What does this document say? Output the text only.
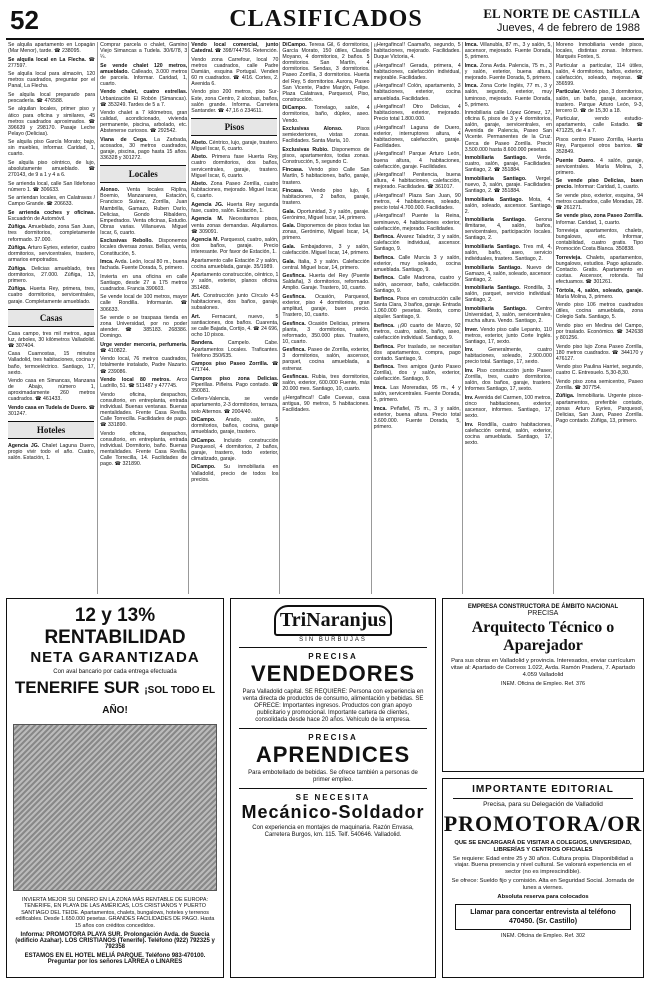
52	CLASIFICADOS	EL NORTE DE CASTILLA
Jueves, 4 de febrero de 1988

Se alquila apartamento en Lopagán (Mar Menor), tarde. ☎ 238095.

Se alquila local en La Flecha. ☎ 277597.

Se alquila local para almacén, 120 metros cuadrados, preguntar por el Panal, La Flecha.

Se alquila local preparado para pescadería. ☎ 476588.

Se alquilan locales, primer piso y ático para oficina y similares, 45 metros cuadrados aproximados. ☎ 396639 y 298170. Pasaje Leche Pelayo (Delicias).

Se alquila piso García Morato; bajo, sin muebles, informar. Caridad, 1, cuarto.

Se alquila piso céntrico, de lujo, absolutamente amueblado. ☎ 270143, de 9 a 1 y 4 a 6.

Se arrienda local, calle San Ildefonso número 1. ☎ 306633.

Se arriendan locales, en Calatravas / Campo Grande. ☎ 206633.

Se arrienda coches y oficinas. Escuadrón de Automóvil.

Zúñiga. Amueblado, zona San Juan, tres dormitorios, completamente reformado. 37.000.

Zúñiga. Arturo Eyries, exterior, cuatro dormitorios, servicentrales, trastero, armarios empotrados.

Zúñiga. Delicias amueblado, tres dormitorios, 27.000. Zúñiga, 13, primero.

Zúñiga. Huerta Rey, primera, tres, cuatro dormitorios, servicentrales, garaje. Completamente amueblado.

Casas

Casa campo, tres mil metros, agua luz, árboles, 30 kilómetros Valladolid. ☎ 307404.

Casa Cuarnostas, 15 minutos Valladolid, tres habitaciones, cocina y baño, termoeléctrico. Santiago, 17, sexto.

Vendo casa en Simancas, Manzana de Abajo, número 1, aproximadamente 260 metros cuadrados. ☎ 461433.

Vendo casa en Tudela de Duero. ☎ 301247.

Hoteles

Agencia JG. Chalet Laguna Duero, propio vivir todo el año. Cuatro, salón. Estación, 1.

Comprar parcela o chalet, Gamino Viejo Simancas a Tudela. 30/6/78, 3 ¼.

Se vende chalet 120 metros, amueblado. Calleado, 3.000 metros de parcela. Informar. Caridad, 1, cuarto.

Vendo chalet, cuatro estrellas. Urbanización El Robón (Simancas). ☎ 353249. Tardes de 5 a 7.

Vendo chalet a 7 kilómetros, gran calidad, acondicionado, vivienda permanente, piscina, arbolado, etc. Abstenerse curiosos. ☎ 292542.

Viana de Cega. La Zarbada, acosados, 30 metros cuadrados, garaje, piscina, pago hasta 15 años. 336328 y 301272.

Locales

Alonso. Venta locales Riplira, Boemio, Manzanares, Estación, Francisco Suárez, Zorrilla, Juan Mambrilla, Gamazo, Ruben Darío, Delicias, Gondo Ribaldero, Empedrados. Venta oficinas, Estudio. Obras varias. Villanueva. Miguel Iscar, 6, cuarto.

Exclusivas Rebollo. Disponemos locales diversas zonas. Bellas, venta, Constitución, 5.

Imca. Avda. León, local 80 m., buena fachada. Fuente Dorada, 5, primero.

Invierta en una oficina en calle Santiago, desde 27 a 175 metros cuadrados. Francia 390603.

Se vende local de 100 metros, mayor calle Rondilla. Informarán. ☎ 306633.

Se vende o se traspasa tienda en zona Universidad, por no poder atender. ☎ 385183. 268386. Domingo.

Urge vender mercería, perfumería. ☎ 410822.

Vendo local, 76 metros cuadrados, totalmente instalado, Padre Nazario. ☎ 239086.

Vendo local 80 metros. Arco Ladrillo, 51. ☎ 511487 y 477745.

Vendo oficina, despachos, consultorio, en entreplanta, entrada individual. Buenas ventanas. Buenas mentalidades. Frente Casa Revilla. Calle Torrecilla. Facilidades de pago. ☎ 331890.

Vendo oficina, despachos, consultorio, en entreplanta, entrada individual. Dormitorio, baño. Buenas mentalidades. Frente Casa Revilla. Calle Torrecilla, 14. Facilidades de pago. ☎ 321890.

Vendo local comercial, junto Catedral. ☎ 398/744756. Retención.

Vendo zona Carrefour, local 70 metros cuadrados, calle Padre Damián, esquina Portugal. Venden 60 m cuadrados. ☎ 4/16. Cortes, 2. Avenida 6.

Vendo piso 200 metros, piso Sur-Este, zona Centro, 2 alcobas, baños, salón grande. Informa. Carretera Santander. ☎ 47,16 ó 234611.

Pisos

Abeto. Céntrico, lujo, garaje, trastero. Miguel Iscar, 6, cuarto.

Abeto. Primera fase Huerta Rey, cuatro dormitorios, dos baños, servicentrales, garaje, trastero. Miguel Iscar, 6, cuarto.

Abeto. Zona Paseo Zorrilla, cuatro habitaciones, mejorado. Miguel Iscar, 6, cuarto.

Agencia JG. Huerta Rey segunda fase, cuatro, salón. Estación, 1.

Agencia M. Necesitamos pisos, venta zonas demandas. Alquilamos. ☎ 309091.

Agencia M. Parquesol, cuatro, salón, dos baños, garaje. Precio interesante. Por favor de Estación, 1.

Apartamento calle Estación 2 y salón, cocina amueblada, garaje. 35/1989.

Apartamento construcción, céntrico, 1 y salón, exterior, planos oficina. 351488.

Art. Construcción junto Círculo 4-5 habitaciones, dos baños, garaje, subsalones.

Art. Fernacant, nuevo, 5 santiaciones, dos baños. Cuarenta, se calle Bajada, Cortijo, 4. ☎ 24 696, ocho 10 pisos.

Bandera. Campelo. Cabe. Apartamentos Locales. Traficantes. Teléfono 350/635.

Campos piso Paseo Zorrilla. ☎ 471744.

Campos piso zona Delicias. Piperillas. Piñeira. Pago contado. ☎ 350081.

Cellers-Valencia, se vende apartamento, 2-3 dormitorios, terraza, solo Alternos. ☎ 2004/40.

DiCampo. Arado, salón, 5 dormitorios, baños, cocina, garaje amueblado, garaje, trastero.

DiCampo. Incluido construcción Parquesol, 4 dormitorios, 2 baños, garaje, trastero, todo exterior, climatizado, garaje.

DiCampo. Su inmobiliaria en Valladolid, precio de todos los precios.

DiCampo. Teresa Gil, 6 dormitorios, García Morato, 150 útiles, Claudio Moyano, 4 dormitorios, 2 baños. 5 dormitorios. San Martín, 4 dormitorios. Sendas, 3 dormitorios. Paseo Zorrilla, 3 dormitorios. Huerta del Rey, 5 dormitorios. Aurora, Paseo San Vicente, Padre Manjón, Felipe. Plaza Calatrava, Parquesol, Piso, construcción.

DiCampo. Torrelago, salón, 4 dormitorios, baño, dúplex, aseo. Vendo.

Exclusivas Alonso. Pisos semiexteriores, vistas zonas. Facilidades. Santa María, 10.

Exclusivas Rubio. Disponemos de pisos, apartamentos, todas zonas. Construcción, 5, segundo C.

Fincasa. Vendo piso Calle San Martín, 5 habitaciones, baño, garaje, trastero.

Fincasa. Vendo piso lujo, 6 habitaciones, 2 baños, garaje, trastero.

Gala. Oportunidad, 3 y salón, garaje. Gerónimo, Miguel Iscar, 14, primero.

Gala. Disponemos de pisos todas las zonas, Gerónimo, Miguel Iscar, 14, primero.

Gala. Embajadores, 3 y salón, calefacción. Miguel Iscar, 14, primero.

Gala. Italia, 3 y salón. Calefacción central. Miguel Iscar, 14, primero.

Gesfinca. Huerta del Rey (Puente Saldaña), 3 dormitorios, reformado. Amplio. Garaje. Trastero, 10, cuarto.

Gesfinca. Ocasión, Parquesol, exterior, piso 4 dormitorios, gran amplitud, garaje, buen precio. Trastero, 10, cuarto.

Gesfinca. Ocasión Delicias, primera planta, 3 dormitorios, salón, reformado, 350.000 ptas. Trastero, 10, cuarto.

Gesfinca. Paseo de Zorrilla, exterior, 3 dormitorios, salón, ascensor, parquet, cocina amueblada, a estrenar.

Gesfincas. Rubia, tres dormitorios, salón, exterior, 600.000 Fuente, más 20.000 mes. Santiago, 10, cuarto.

¡¡Hergafinca!! Calle Cuevas, casa antigua, 90 metros, 5 habitaciones. Facilidades.

¡¡Hergafinca!! Caamaño, segundo, 5 habitaciones, mejorado. Facilidades. Duque Victoria, 4.

¡¡Hergafinca!! Gerada, primera, 4 habitaciones, calefacción individual, mejorable. Facilidades.

¡¡Hergafinca!! Colón, apartamento, 3 habitaciones, exterior, cocina amueblada. Facilidades.

¡¡Hergafinca!! Otro Delicias, 4 habitaciones, exterior, mejorado. Precio total 1.800.000.

¡¡Hergafinca!! Laguna de Duero, exterior, interruptores altura, 4 habitaciones, calefacción, garaje. Facilidades.

¡¡Hergafinca!! Parque Arturo León, buena altura, 4 habitaciones, calefacción, garaje. Facilidades.

¡¡Hergafinca!! Penitencia, buena altura, 4 habitaciones, calefacción, mejorado. Facilidades. ☎ 361017.

¡¡Hergafinca!! Plaza San Juan, 90 metros, 4 habitaciones, soleado, precio total 4.700.000. Facilidades.

¡¡Hergafinca!! Puente la Reina, seminuevo, 4 habitaciones exterior, calefacción, mejorado. Facilidades.

Ibefinca. Álvarez Taladriz, 3 y salón, calefacción individual, ascensor. Santiago, 9.

Ibefinca. Calle Murcia 3 y salón, exterior, muy soleado, cocina amueblada. Santiago, 9.

Ibefinca. Calle Madrona, cuatro y salón, ascensor, baño, calefacción. Santiago, 9.

Ibefinca. Pisos en construcción calle Santa Clara, 3 baños, garaje. Entrada 1.060.000 pesetas. Resto, como alquiler. Santiago, 9.

Ibefinca. ¡¡90 cuarto de Marzo, 92 metros, cuatro, salón, baño, aseo, calefacción individual. Santiago, 9.

Ibefinca. Por traslado, se necesitan dos apartamentos, compra, pago contado. Santiago, 9.

Ibefinca. Tres amigos (junto Paseo Zorrilla), dos y salón, exterior, calefacción. Santiago, 9.

Imca. Las Moreradas, 95 m., 4 y salón, servicentrales. Fuente Dorada, 5, primero.

Imca. Peñafiel, 75 m., 3 y salón, exterior, buena altura. Precio total 3.600.000. Fuente Dorada, 5, primero.

Imca. Villanubla, 87 m., 3 y salón, 5, ascensor, mejorado. Fuente Dorada, 5, primero.

Imca. Zona Avda. Palencia, 75 m., 3 y salón, exterior, buena altura, mejorado. Fuente Dorada, 5, primero.

Imca. Zona Corte Inglés, 77 m., 3 y salón, segundo, exterior, muy luminoso, mejorado. Fuente Dorada, 5, primero.

Inmobiliaria calle López Gómez, 17, oficina 6, pisos de 3 y 4 dormitorios, salón, garaje, servicentrales, en Avenida de Palencia, Paseo San Vicente. Permanentes de la Cruz. Cerca de Paseo Zorrilla. Precio 3.500.000 hasta 8.600.000 pesetas.

Inmobiliaria Santiago. Verde, cuatro, salón, garaje, Facilidades. Santiago, 2. ☎ 351884.

Inmobiliaria Santiago. Vergel, nuevo, 3, salón, garaje. Facilidades. Santiago, 2. ☎ 351884.

Inmobiliaria Santiago. Mota, 4, salón, soleado, ascensor. Santiago, 2.

Inmobiliaria Santiago. Gerona ilimitarse, 4, salón, baños, servicentrales, participación locales. Santiago, 2.

Inmobiliaria Santiago. Tres mil, 4, salón, baño, aseo, servicio individuales, trastero. Santiago, 2.

Inmobiliaria Santiago. Nuevo de Gamazo, 4, salón, soleado, ascensor. Santiago, 2.

Inmobiliaria Santiago. Rondilla, 3, salón, parquet, servicio individual. Santiago, 2.

Inmobiliaria Santiago. Centro Universidad, 3, salón, servicentrales, mucha altura. Vendo. Santiago, 2.

Inver. Vendo piso calle Lepanto, 110 metros, exterior, junto Corte Inglés. Santiago, 17, sexto.

Inv. Generalmente, cuatro habitaciones, soleado, 2.900.000 precio total. Santiago, 17, sexto.

Inv. Piso construcción junto Paseo Zorrilla, tres, cuatro dormitorios, salón, dos baños, garaje, trastero. Informes Santiago, 17, sexto.

Inv. Avenida del Carmen, 100 metros, cinco habitaciones, exterior, ascensor, informes. Santiago, 17, sexto.

Inv. Rondilla, cuatro habitaciones, calefacción central, salón, exterior, cocina amueblada. Santiago, 17, sexto.

Moreno Inmobiliaria vende pisos, locales, distintas zonas. Informes. Marqués Fontes, 5.

Particular a particular, 114 útiles, salón, 4 dormitorios, baños, exterior, calefacción, soleado, mejoras. ☎ 356599.

Particular. Vendo piso, 3 dormitorios, salón, un baño, garaje, ascensor, trastero. Parque Arturo León, 9-3, tercero D. ☎ de 15,30 a 18.

Particular, vendo estudio-apartamento, calle Estadio. ☎ 471225, de 4 a 7.

Pisos centro Paseo Zorrilla, Huerta Rey, Parquesol otros barrios. ☎ 352849.

Puente Duero. 4 salón, garaje, servicentrales. María Molina, 3, primero.

Se vende piso Delicias, buen precio. Informar: Caridad, 1, cuarto.

Se vende piso, exterior, esquina, 94 metros cuadrados, calle Moradas, 28. ☎ 261271.

Se vende piso, zona Paseo Zorrilla. Informar. Caridad, 1, cuarto.

Torrevieja apartamentos, chalets, bungalows, etc. Informar, contabilidad, cuatro gratis. Tipo Promoción Costa Blanca. 350838.

Torrevieja. Chalets, apartamentos, bungalows, estudios. Pago aplazado. Contacto. Gratis. Apartamento en cuotas. Ascensor, rotonda. Tal efectuamos. ☎ 301261.

Tórtola, 4, salón, soleado, garaje. María Molina, 3, primero.

Vendo piso 106 metros cuadrados útiles, cocina amueblada, zona Colegio Safa. Santiago, 5.

Vendo piso en Medina del Campo, por traslado. Económico. ☎ 342638 y 801256.

Vendo piso lujo Zona Paseo Zorrilla, 180 metros cuadrados. ☎ 344170 y 476127.

Vendo piso Paulina Harriet, segundo, cuatro C. Entresuelo. 5,30-8,30.

Vendo piso zona semicentro, Paseo Zorrilla. ☎ 307754.

Zúñiga. Inmobiliaria. Urgente pisos-apartamentos, preferible contado, zonas Arturo Eyries, Parquesol, Delicias, San Juan, Paseo Zorrilla. Pago contado. Zúñiga, 13, primero.

12 y 13% RENTABILIDAD
NETA GARANTIZADA
Con aval bancario por cada entrega efectuada
TENERIFE SUR ¡SOL TODO EL AÑO!
INVIERTA MEJOR SU DINERO EN LA ZONA MÁS RENTABLE DE EUROPA: TENERIFE, EN PLAYA DE LAS AMÉRICAS, LOS CRISTIANOS Y PUERTO SANTIAGO DEL TEIDE. Apartamentos, chalets, bungalows, hoteles y terrenos edificables. Desde 1.650.000 pesetas. GRANDES FACILIDADES DE PAGO. Hasta 15 años con créditos concedidos.
Informa: PROMOTORA PLAYA SUR. Prolongación Avda. de Suecia (edificio Azahar). LOS CRISTIANOS (Tenerife). Teléfono (922) 792325 y 792358
ESTAMOS EN EL HOTEL MELIÁ PARQUE. Teléfono 983-470100. Preguntar por los señores LARREA o LINARES
TriNaranjus
SIN BURBUJAS
PRECISA
VENDEDORES
Para Valladolid capital. SE REQUIERE: Persona con experiencia en venta directa de productos de consumo, alimentación y bebidas. SE OFRECE: Importantes ingresos. Productos con gran apoyo publicitario y promocional. Importante cartera de clientes, consolidada desde hace 20 años. Vehículo de la empresa.
PRECISA
APRENDICES
Para embotellado de bebidas. Se ofrece también a personas de primer empleo.
SE NECESITA
Mecánico-Soldador
Con experiencia en montajes de maquinaria. Razón Envasa, Carretera Burgos, km. 115. Telf. 540646. Valladolid.
EMPRESA CONSTRUCTORA DE ÁMBITO NACIONAL
PRECISA
Arquitecto Técnico o Aparejador
Para sus obras en Valladolid y provincia. Interesados, enviar currículum vitae al: Apartado de Correos 1.022, Avda. Ramón Pradera, 7. Apartado 4.059 Valladolid
INEM. Oficina de Empleo. Ref. 376
IMPORTANTE EDITORIAL
Precisa, para su Delegación de Valladolid
PROMOTORA/OR
QUE SE ENCARGARÁ DE VISITAR A COLEGIOS, UNIVERSIDAD, LIBRERÍAS Y CENTROS OFICIALES
Se requiere: Edad entre 25 y 30 años. Cultura propia. Disponibilidad a viajar. Buena presencia y nivel cultural. Se valorará experiencia en el sector (no es imprescindible).
Se ofrece: Sueldo fijo y comisión. Alta en Seguridad Social. Jornada de lunes a viernes.
Absoluta reserva para colocados
Llamar para concertar entrevista al teléfono 470450. (Sr. Castillo)
INEM. Oficina de Empleo. Ref. 302
